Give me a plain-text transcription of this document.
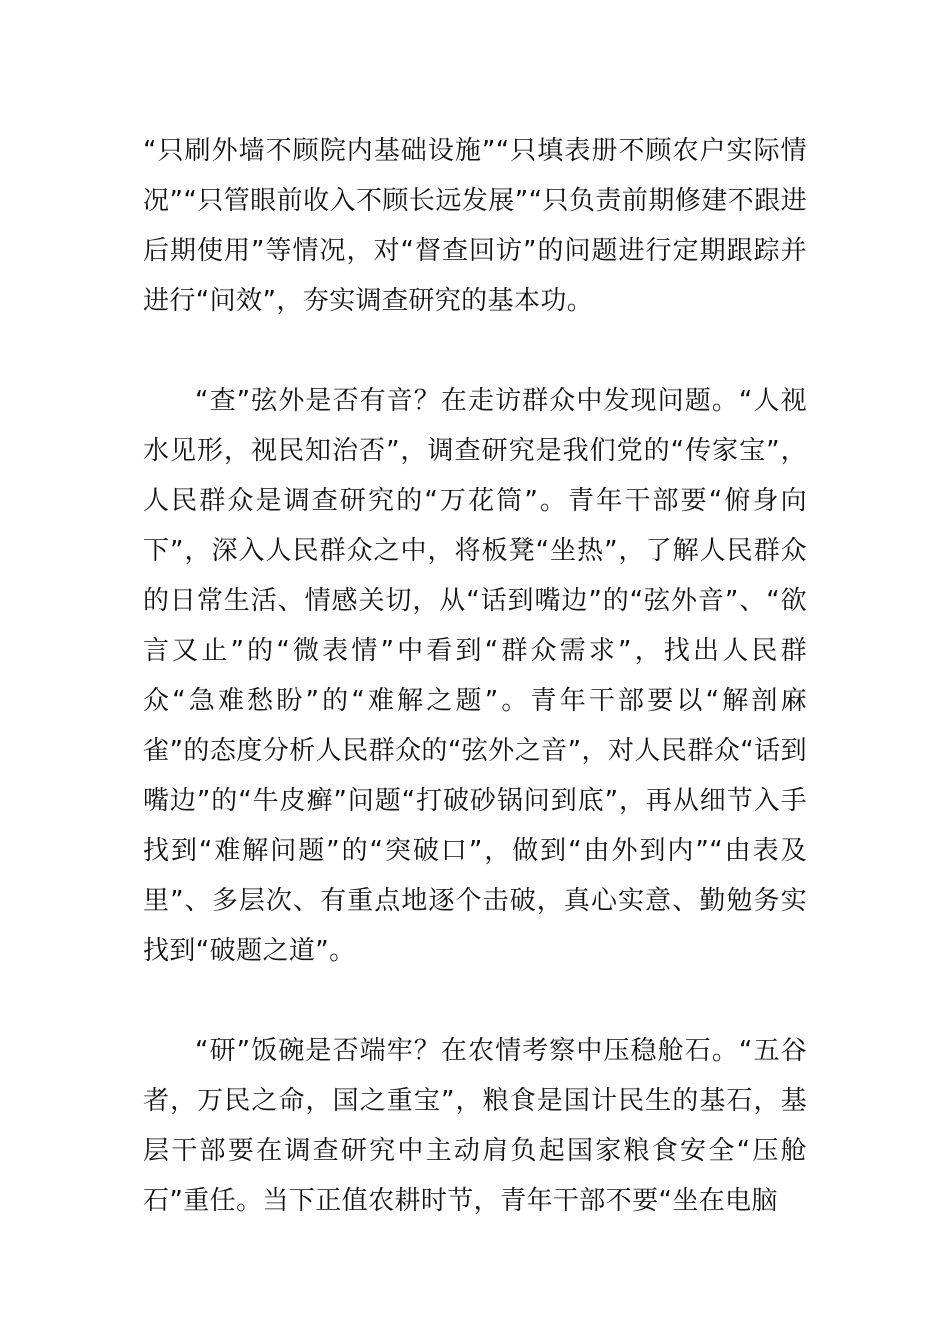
“只刷外墙不顾院内基础设施”“只填表册不顾农户实际情况”“只管眼前收入不顾长远发展”“只负责前期修建不跟进后期使用”等情况，对“督查回访”的问题进行定期跟踪并进行“问效”，夯实调查研究的基本功。

“查”弦外是否有音？在走访群众中发现问题。“人视水见形，视民知治否”，调查研究是我们党的“传家宝”，人民群众是调查研究的“万花筒”。青年干部要“俯身向下”，深入人民群众之中，将板凳“坐热”，了解人民群众的日常生活、情感关切，从“话到嘴边”的“弦外音”、“欲言又止”的“微表情”中看到“群众需求”，找出人民群众“急难愁盼”的“难解之题”。青年干部要以“解剖麻雀”的态度分析人民群众的“弦外之音”，对人民群众“话到嘴边”的“牛皮癣”问题“打破砂锅问到底”，再从细节入手找到“难解问题”的“突破口”，做到“由外到内”“由表及里”、多层次、有重点地逐个击破，真心实意、勤勉务实找到“破题之道”。

“研”饭碗是否端牢？在农情考察中压稳舱石。“五谷者，万民之命，国之重宝”，粮食是国计民生的基石，基层干部要在调查研究中主动肩负起国家粮食安全“压舱石”重任。当下正值农耕时节，青年干部不要“坐在电脑
